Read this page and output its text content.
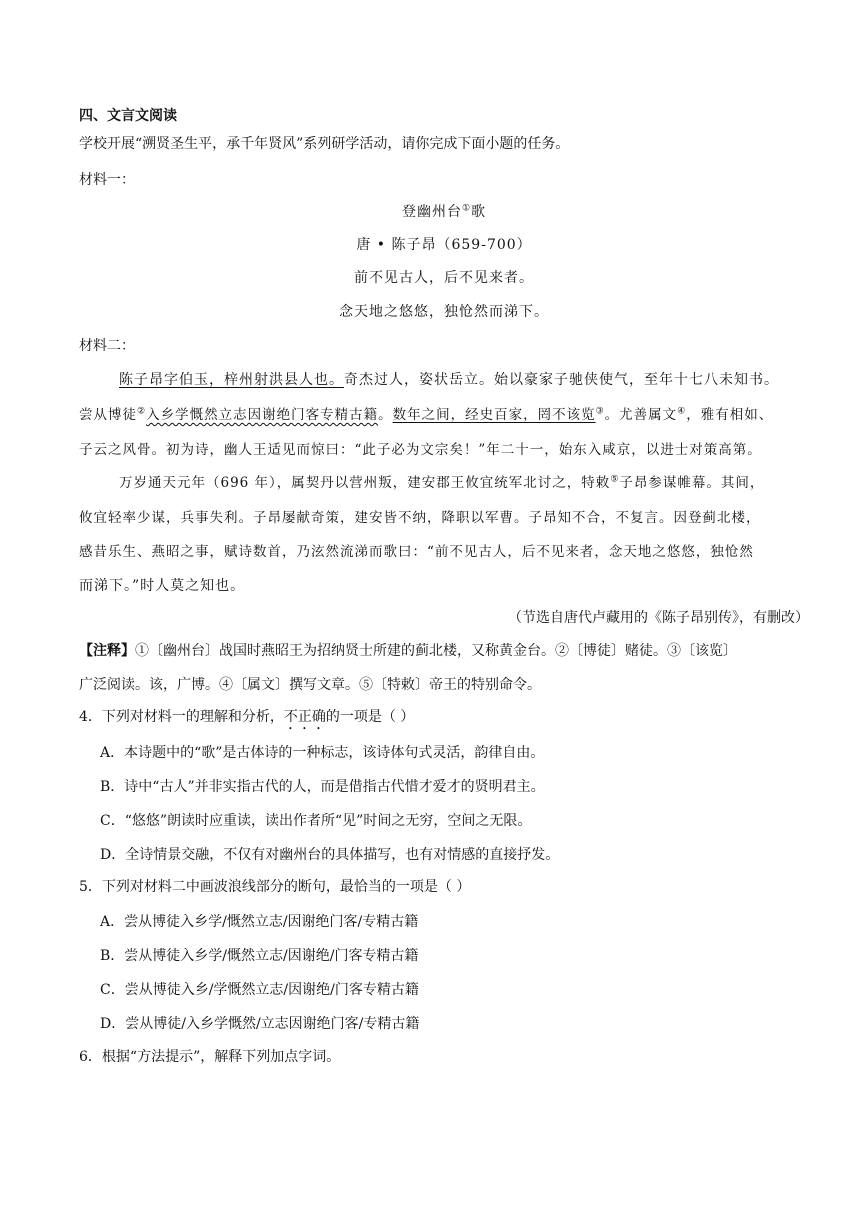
四、文言文阅读
学校开展“溯贤圣生平，承千年贤风”系列研学活动，请你完成下面小题的任务。
材料一：
登幽州台①歌
唐 • 陈子昂（659-700）
前不见古人，后不见来者。
念天地之悠悠，独怆然而涕下。
材料二：
陈子昂字伯玉，梓州射洪县人也。奇杰过人，姿状岳立。始以豪家子驰侠使气，至年十七八未知书。
尝从博徒②入乡学慨然立志因谢绝门客专精古籍。数年之间，经史百家，罔不该览③。尤善属文④，雅有相如、
子云之风骨。初为诗，幽人王适见而惊曰：“此子必为文宗矣！”年二十一，始东入咸京，以进士对策高第。
万岁通天元年（696 年），属契丹以营州叛，建安郡王攸宜统军北讨之，特敕⑤子昂参谋帷幕。其间，
攸宜轻率少谋，兵事失利。子昂屡献奇策，建安皆不纳，降职以军曹。子昂知不合，不复言。因登蓟北楼，
感昔乐生、燕昭之事，赋诗数首，乃泫然流涕而歌曰：“前不见古人，后不见来者，念天地之悠悠，独怆然
而涕下。”时人莫之知也。
（节选自唐代卢藏用的《陈子昂别传》，有删改）
【注释】①〔幽州台〕战国时燕昭王为招纳贤士所建的蓟北楼，又称黄金台。②〔博徒〕赌徒。③〔该览〕
广泛阅读。该，广博。④〔属文〕撰写文章。⑤〔特敕〕帝王的特别命令。
4．下列对材料一的理解和分析，不正确的一项是（ ）
A．本诗题中的“歌”是古体诗的一种标志，该诗体句式灵活，韵律自由。
B．诗中“古人”并非实指古代的人，而是借指古代惜才爱才的贤明君主。
C．“悠悠”朗读时应重读，读出作者所“见”时间之无穷，空间之无限。
D．全诗情景交融，不仅有对幽州台的具体描写，也有对情感的直接抒发。
5．下列对材料二中画波浪线部分的断句，最恰当的一项是（ ）
A．尝从博徒入乡学/慨然立志/因谢绝门客/专精古籍
B．尝从博徒入乡学/慨然立志/因谢绝/门客专精古籍
C．尝从博徒入乡/学慨然立志/因谢绝/门客专精古籍
D．尝从博徒/入乡学慨然/立志因谢绝门客/专精古籍
6．根据“方法提示”，解释下列加点字词。
